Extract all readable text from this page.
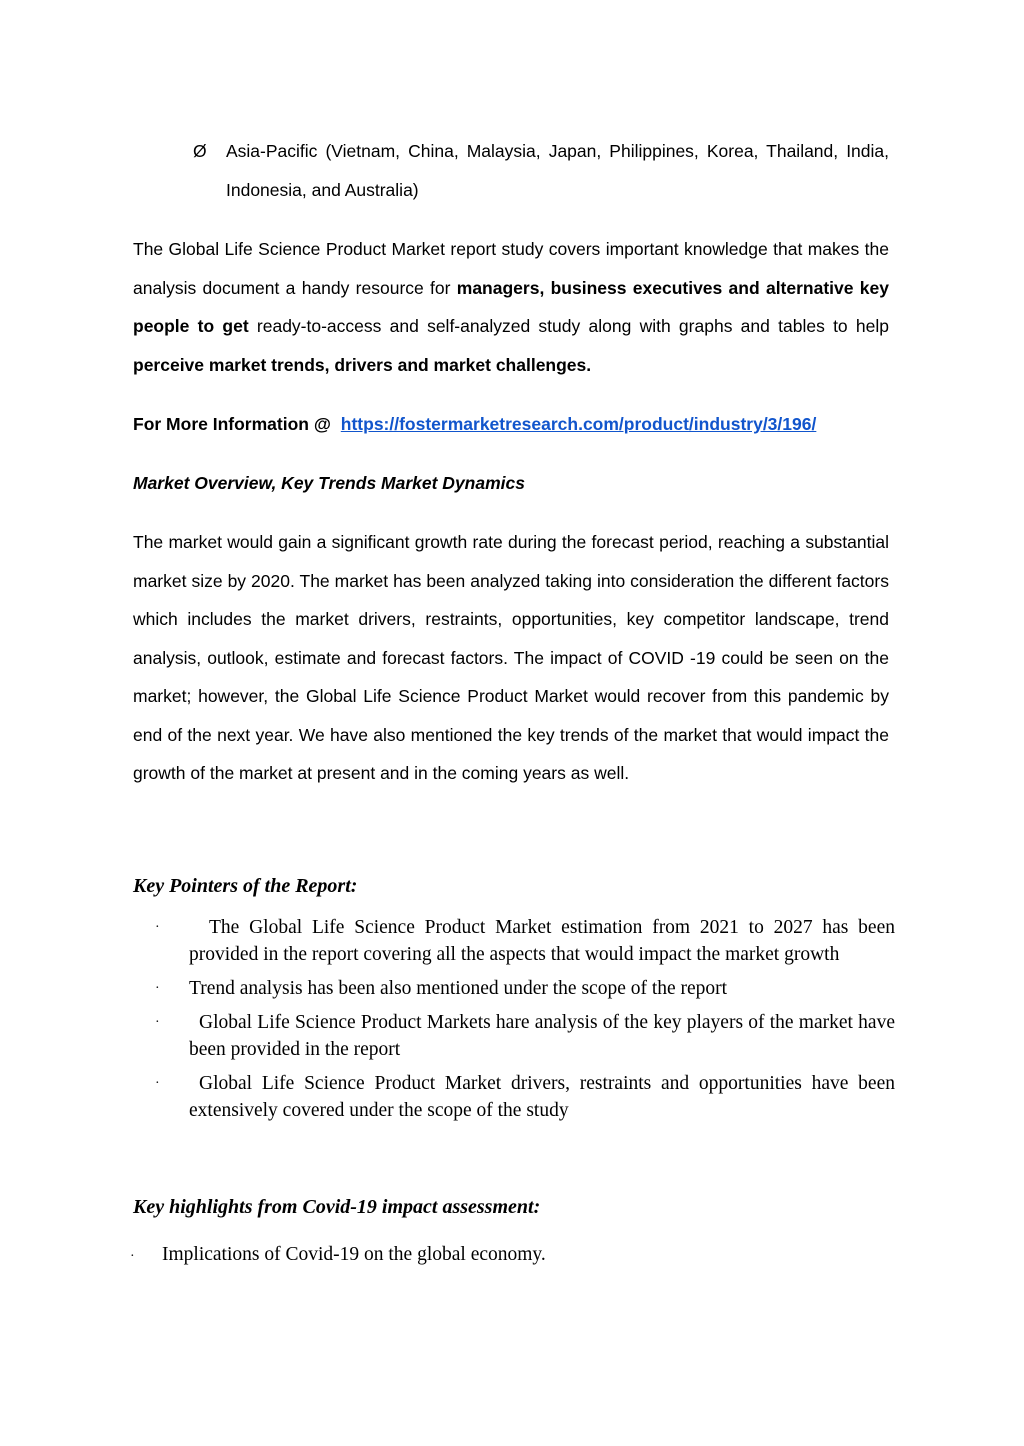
Ø	Asia-Pacific (Vietnam, China, Malaysia, Japan, Philippines, Korea, Thailand, India, Indonesia, and Australia)

The Global Life Science Product Market report study covers important knowledge that makes the analysis document a handy resource for managers, business executives and alternative key people to get ready-to-access and self-analyzed study along with graphs and tables to help perceive market trends, drivers and market challenges.

For More Information @ https://fostermarketresearch.com/product/industry/3/196/
Market Overview, Key Trends Market Dynamics

The market would gain a significant growth rate during the forecast period, reaching a substantial market size by 2020. The market has been analyzed taking into consideration the different factors which includes the market drivers, restraints, opportunities, key competitor landscape, trend analysis, outlook, estimate and forecast factors. The impact of COVID -19 could be seen on the market; however, the Global Life Science Product Market would recover from this pandemic by end of the next year. We have also mentioned the key trends of the market that would impact the growth of the market at present and in the coming years as well.

Key Pointers of the Report:
·	The Global Life Science Product Market estimation from 2021 to 2027 has been provided in the report covering all the aspects that would impact the market growth
·	Trend analysis has been also mentioned under the scope of the report
·	Global Life Science Product Markets hare analysis of the key players of the market have been provided in the report
·	Global Life Science Product Market drivers, restraints and opportunities have been extensively covered under the scope of the study
Key highlights from Covid-19 impact assessment:
· Implications of Covid-19 on the global economy.
